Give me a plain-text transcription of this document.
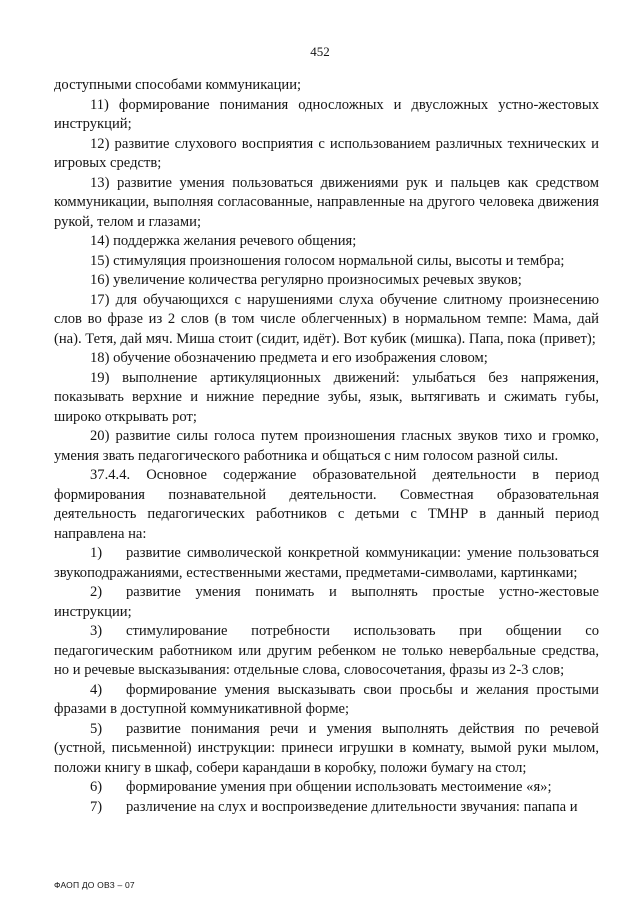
452

доступными способами коммуникации;

11) формирование понимания односложных и двусложных устно-жестовых инструкций;

12) развитие слухового восприятия с использованием различных технических и игровых средств;

13) развитие умения пользоваться движениями рук и пальцев как средством коммуникации, выполняя согласованные, направленные на другого человека движения рукой, телом и глазами;

14) поддержка желания речевого общения;

15) стимуляция произношения голосом нормальной силы, высоты и тембра;

16) увеличение количества регулярно произносимых речевых звуков;

17) для обучающихся с нарушениями слуха обучение слитному произнесению слов во фразе из 2 слов (в том числе облегченных) в нормальном темпе: Мама, дай (на). Тетя, дай мяч. Миша стоит (сидит, идёт). Вот кубик (мишка). Папа, пока (привет);

18) обучение обозначению предмета и его изображения словом;

19) выполнение артикуляционных движений: улыбаться без напряжения, показывать верхние и нижние передние зубы, язык, вытягивать и сжимать губы, широко открывать рот;

20) развитие силы голоса путем произношения гласных звуков тихо и громко, умения звать педагогического работника и общаться с ним голосом разной силы.

37.4.4. Основное содержание образовательной деятельности в период формирования познавательной деятельности. Совместная образовательная деятельность педагогических работников с детьми с ТМНР в данный период направлена на:

1) развитие символической конкретной коммуникации: умение пользоваться звукоподражаниями, естественными жестами, предметами-символами, картинками;

2) развитие умения понимать и выполнять простые устно-жестовые инструкции;

3) стимулирование потребности использовать при общении со педагогическим работником или другим ребенком не только невербальные средства, но и речевые высказывания: отдельные слова, словосочетания, фразы из 2-3 слов;

4) формирование умения высказывать свои просьбы и желания простыми фразами в доступной коммуникативной форме;

5) развитие понимания речи и умения выполнять действия по речевой (устной, письменной) инструкции: принеси игрушки в комнату, вымой руки мылом, положи книгу в шкаф, собери карандаши в коробку, положи бумагу на стол;

6) формирование умения при общении использовать местоимение «я»;

7) различение на слух и воспроизведение длительности звучания: папапа и

ФАОП ДО ОВЗ – 07
